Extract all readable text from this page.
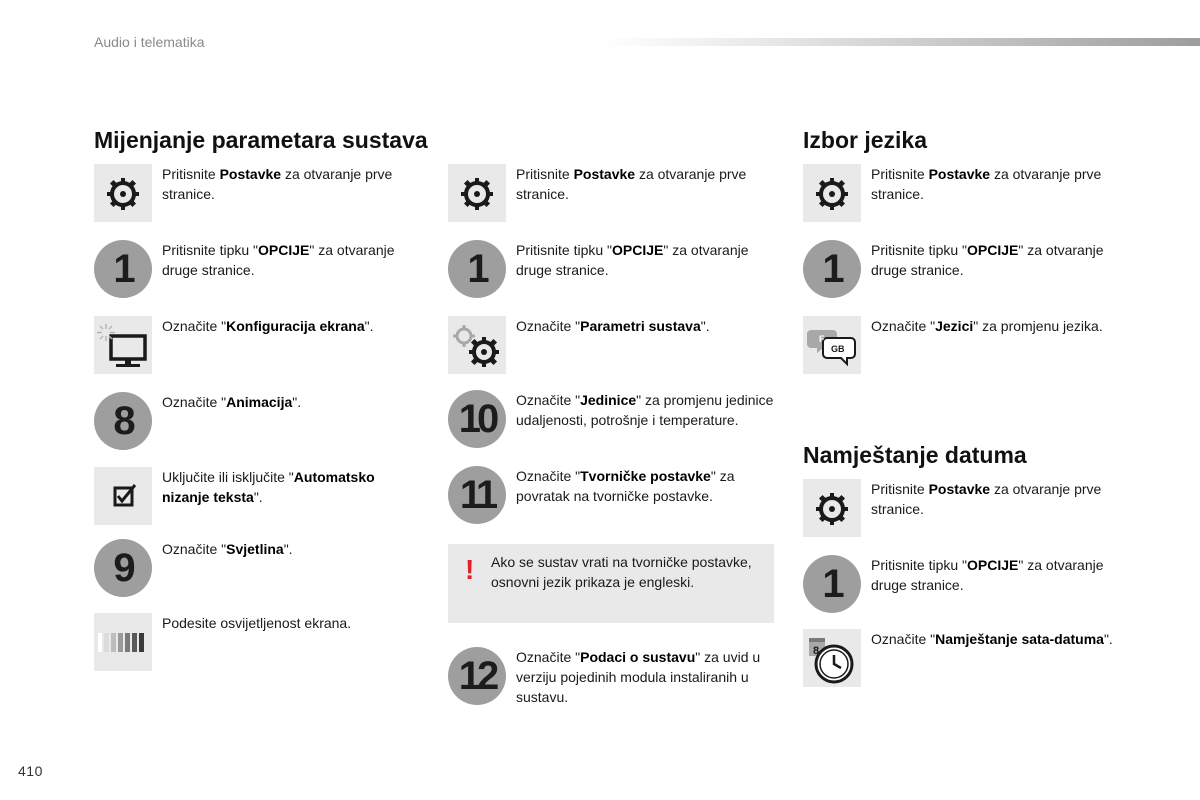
Audio i telematika
Mijenjanje parametara sustava
Pritisnite Postavke za otvaranje prve stranice.
1	Pritisnite tipku "OPCIJE" za otvaranje druge stranice.
Označite "Konfiguracija ekrana".
8	Označite "Animacija".
Uključite ili isključite "Automatsko nizanje teksta".
9	Označite "Svjetlina".
Podesite osvijetljenost ekrana.
Pritisnite Postavke za otvaranje prve stranice.
1	Pritisnite tipku "OPCIJE" za otvaranje druge stranice.
Označite "Parametri sustava".
10	Označite "Jedinice" za promjenu jedinice udaljenosti, potrošnje i temperature.
11	Označite "Tvorničke postavke" za povratak na tvorničke postavke.
! Ako se sustav vrati na tvorničke postavke, osnovni jezik prikaza je engleski.
12	Označite "Podaci o sustavu" za uvid u verziju pojedinih modula instaliranih u sustavu.
Izbor jezika
Pritisnite Postavke za otvaranje prve stranice.
1	Pritisnite tipku "OPCIJE" za otvaranje druge stranice.
F
GB
Označite "Jezici" za promjenu jezika.
Namještanje datuma
Pritisnite Postavke za otvaranje prve stranice.
1	Pritisnite tipku "OPCIJE" za otvaranje druge stranice.
8
Označite "Namještanje sata-datuma".
410
